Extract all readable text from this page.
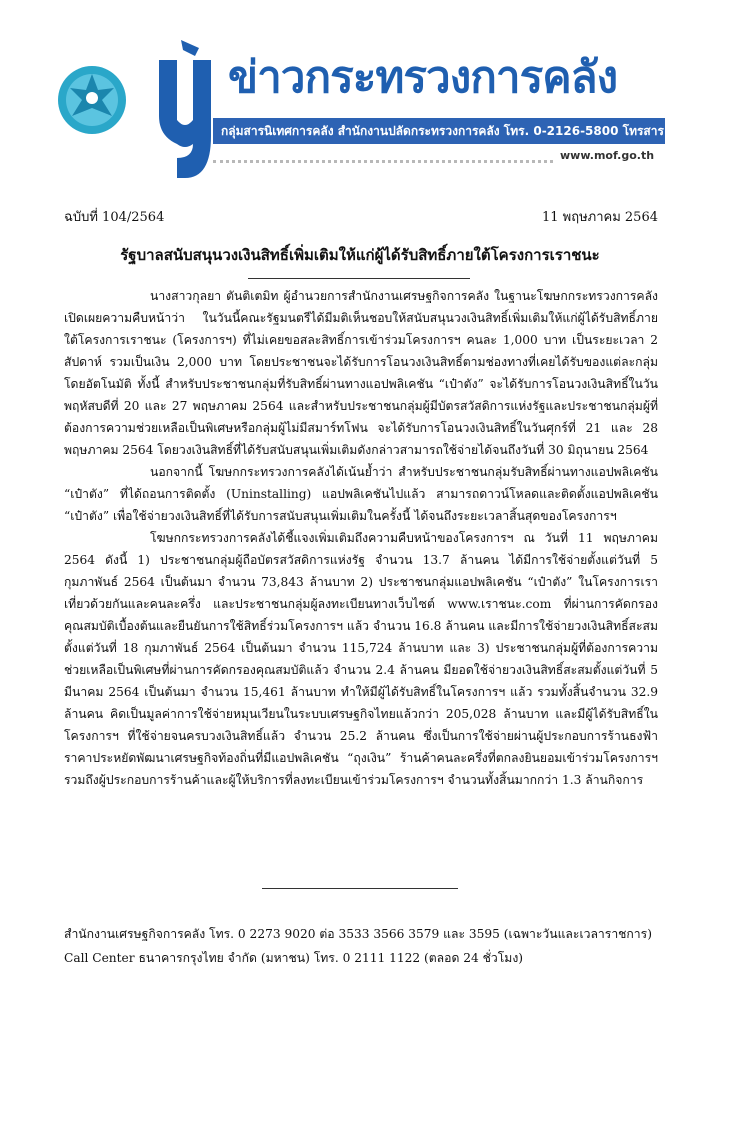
ข่าวกระทรวงการคลัง
กลุ่มสารนิเทศการคลัง สำนักงานปลัดกระทรวงการคลัง โทร. 0-2126-5800 โทรสาร 0-2273-9763
www.mof.go.th
ฉบับที่ 104/2564	11 พฤษภาคม 2564
รัฐบาลสนับสนุนวงเงินสิทธิ์เพิ่มเติมให้แก่ผู้ได้รับสิทธิ์ภายใต้โครงการเราชนะ

นางสาวกุลยา ตันติเตมิท ผู้อำนวยการสำนักงานเศรษฐกิจการคลัง ในฐานะโฆษกกระทรวงการคลัง เปิดเผยความคืบหน้าว่า ในวันนี้คณะรัฐมนตรีได้มีมติเห็นชอบให้สนับสนุนวงเงินสิทธิ์เพิ่มเติมให้แก่ผู้ได้รับสิทธิ์ภายใต้โครงการเราชนะ (โครงการฯ) ที่ไม่เคยขอสละสิทธิ์การเข้าร่วมโครงการฯ คนละ 1,000 บาท เป็นระยะเวลา 2 สัปดาห์ รวมเป็นเงิน 2,000 บาท โดยประชาชนจะได้รับการโอนวงเงินสิทธิ์ตามช่องทางที่เคยได้รับของแต่ละกลุ่มโดยอัตโนมัติ ทั้งนี้ สำหรับประชาชนกลุ่มที่รับสิทธิ์ผ่านทางแอปพลิเคชัน “เป๋าตัง” จะได้รับการโอนวงเงินสิทธิ์ในวันพฤหัสบดีที่ 20 และ 27 พฤษภาคม 2564 และสำหรับประชาชนกลุ่มผู้มีบัตรสวัสดิการแห่งรัฐและประชาชนกลุ่มผู้ที่ต้องการความช่วยเหลือเป็นพิเศษหรือกลุ่มผู้ไม่มีสมาร์ทโฟน จะได้รับการโอนวงเงินสิทธิ์ในวันศุกร์ที่ 21 และ 28 พฤษภาคม 2564 โดยวงเงินสิทธิ์ที่ได้รับสนับสนุนเพิ่มเติมดังกล่าวสามารถใช้จ่ายได้จนถึงวันที่ 30 มิถุนายน 2564

นอกจากนี้ โฆษกกระทรวงการคลังได้เน้นย้ำว่า สำหรับประชาชนกลุ่มรับสิทธิ์ผ่านทางแอปพลิเคชัน “เป๋าตัง” ที่ได้ถอนการติดตั้ง (Uninstalling) แอปพลิเคชันไปแล้ว สามารถดาวน์โหลดและติดตั้งแอปพลิเคชัน “เป๋าตัง” เพื่อใช้จ่ายวงเงินสิทธิ์ที่ได้รับการสนับสนุนเพิ่มเติมในครั้งนี้ ได้จนถึงระยะเวลาสิ้นสุดของโครงการฯ

โฆษกกระทรวงการคลังได้ชี้แจงเพิ่มเติมถึงความคืบหน้าของโครงการฯ ณ วันที่ 11 พฤษภาคม 2564 ดังนี้ 1) ประชาชนกลุ่มผู้ถือบัตรสวัสดิการแห่งรัฐ จำนวน 13.7 ล้านคน ได้มีการใช้จ่ายตั้งแต่วันที่ 5 กุมภาพันธ์ 2564 เป็นต้นมา จำนวน 73,843 ล้านบาท 2) ประชาชนกลุ่มแอปพลิเคชัน “เป๋าตัง” ในโครงการเราเที่ยวด้วยกันและคนละครึ่ง และประชาชนกลุ่มผู้ลงทะเบียนทางเว็บไซต์ www.เราชนะ.com ที่ผ่านการคัดกรองคุณสมบัติเบื้องต้นและยืนยันการใช้สิทธิ์ร่วมโครงการฯ แล้ว จำนวน 16.8 ล้านคน และมีการใช้จ่ายวงเงินสิทธิ์สะสมตั้งแต่วันที่ 18 กุมภาพันธ์ 2564 เป็นต้นมา จำนวน 115,724 ล้านบาท และ 3) ประชาชนกลุ่มผู้ที่ต้องการความช่วยเหลือเป็นพิเศษที่ผ่านการคัดกรองคุณสมบัติแล้ว จำนวน 2.4 ล้านคน มียอดใช้จ่ายวงเงินสิทธิ์สะสมตั้งแต่วันที่ 5 มีนาคม 2564 เป็นต้นมา จำนวน 15,461 ล้านบาท ทำให้มีผู้ได้รับสิทธิ์ในโครงการฯ แล้ว รวมทั้งสิ้นจำนวน 32.9 ล้านคน คิดเป็นมูลค่าการใช้จ่ายหมุนเวียนในระบบเศรษฐกิจไทยแล้วกว่า 205,028 ล้านบาท และมีผู้ได้รับสิทธิ์ในโครงการฯ ที่ใช้จ่ายจนครบวงเงินสิทธิ์แล้ว จำนวน 25.2 ล้านคน ซึ่งเป็นการใช้จ่ายผ่านผู้ประกอบการร้านธงฟ้าราคาประหยัดพัฒนาเศรษฐกิจท้องถิ่นที่มีแอปพลิเคชัน “ถุงเงิน” ร้านค้าคนละครึ่งที่ตกลงยินยอมเข้าร่วมโครงการฯ รวมถึงผู้ประกอบการร้านค้าและผู้ให้บริการที่ลงทะเบียนเข้าร่วมโครงการฯ จำนวนทั้งสิ้นมากกว่า 1.3 ล้านกิจการ

สำนักงานเศรษฐกิจการคลัง โทร. 0 2273 9020 ต่อ 3533 3566 3579 และ 3595 (เฉพาะวันและเวลาราชการ)
Call Center ธนาคารกรุงไทย จำกัด (มหาชน) โทร. 0 2111 1122 (ตลอด 24 ชั่วโมง)
